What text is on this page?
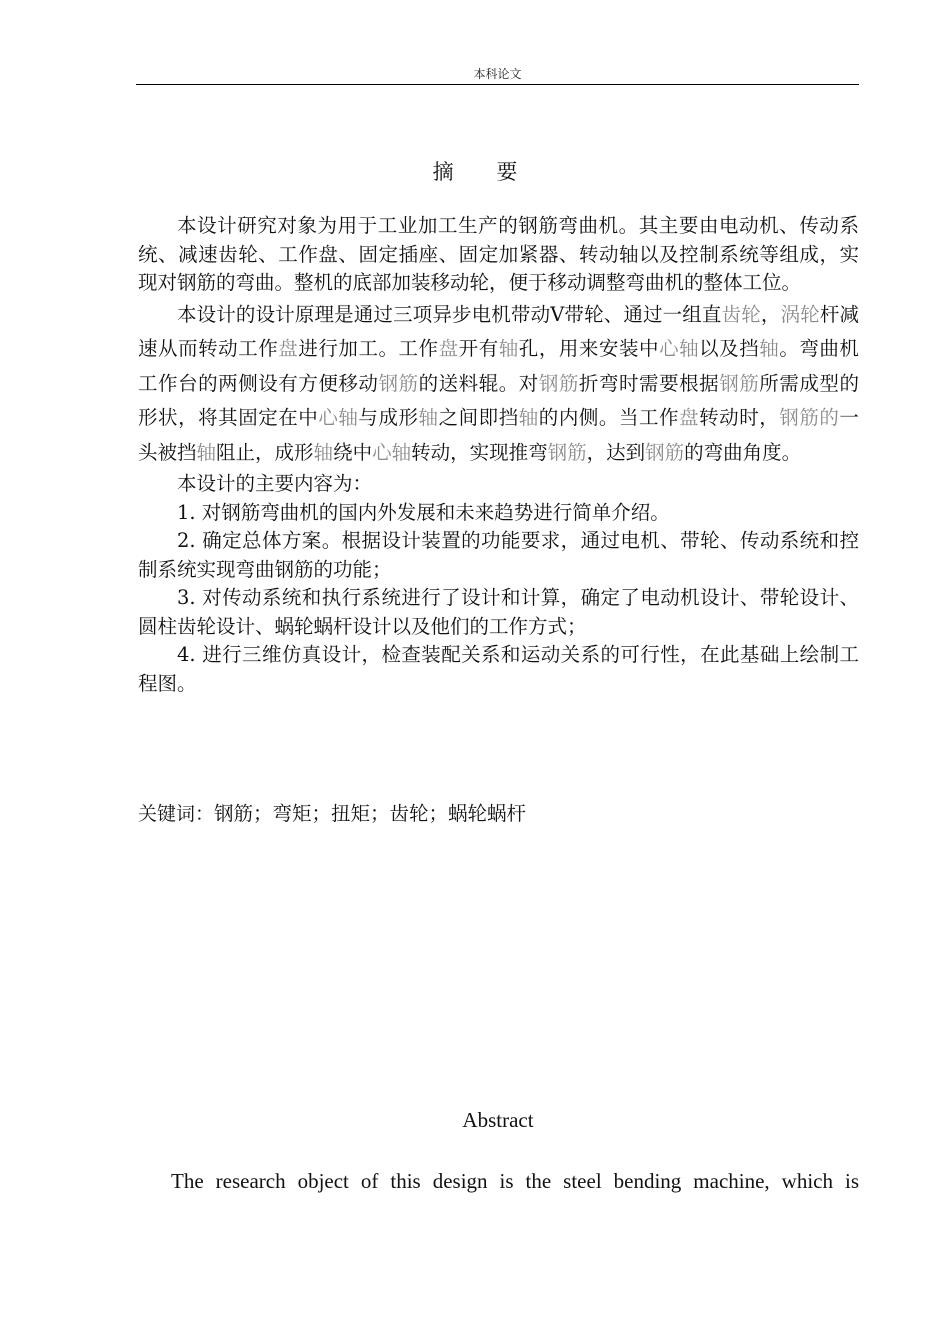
本科论文
摘 要

本设计研究对象为用于工业加工生产的钢筋弯曲机。其主要由电动机、传动系统、减速齿轮、工作盘、固定插座、固定加紧器、转动轴以及控制系统等组成，实现对钢筋的弯曲。整机的底部加装移动轮，便于移动调整弯曲机的整体工位。

本设计的设计原理是通过三项异步电机带动V带轮、通过一组直齿轮，涡轮杆减速从而转动工作盘进行加工。工作盘开有轴孔，用来安装中心轴以及挡轴。弯曲机工作台的两侧设有方便移动钢筋的送料辊。对钢筋折弯时需要根据钢筋所需成型的形状，将其固定在中心轴与成形轴之间即挡轴的内侧。当工作盘转动时，钢筋的一头被挡轴阻止，成形轴绕中心轴转动，实现推弯钢筋，达到钢筋的弯曲角度。

本设计的主要内容为：

1. 对钢筋弯曲机的国内外发展和未来趋势进行简单介绍。

2. 确定总体方案。根据设计装置的功能要求，通过电机、带轮、传动系统和控制系统实现弯曲钢筋的功能；

3. 对传动系统和执行系统进行了设计和计算，确定了电动机设计、带轮设计、圆柱齿轮设计、蜗轮蜗杆设计以及他们的工作方式；

4. 进行三维仿真设计，检查装配关系和运动关系的可行性，在此基础上绘制工程图。

关键词：钢筋；弯矩；扭矩；齿轮；蜗轮蜗杆
Abstract

The research object of this design is the steel bending machine, which is
